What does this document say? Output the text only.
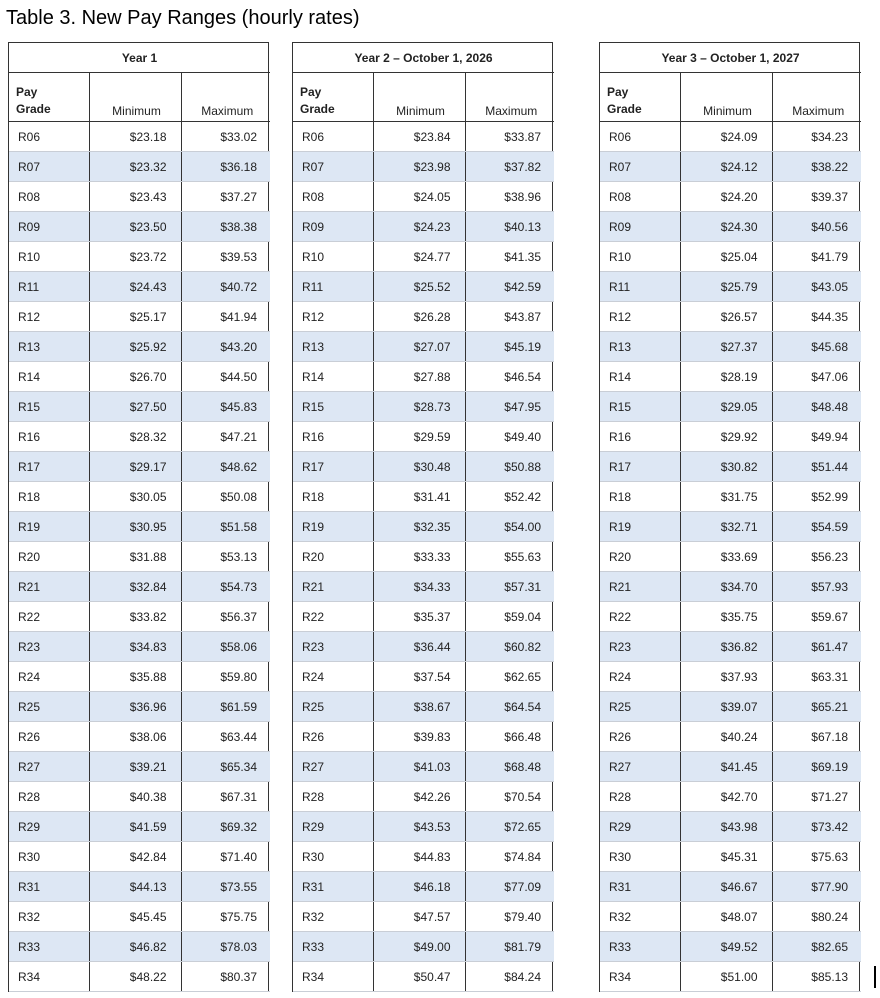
Table 3. New Pay Ranges (hourly rates)
Year 1		
Pay
Grade	Minimum	Maximum
R06	$23.18	$33.02
R07	$23.32	$36.18
R08	$23.43	$37.27
R09	$23.50	$38.38
R10	$23.72	$39.53
R11	$24.43	$40.72
R12	$25.17	$41.94
R13	$25.92	$43.20
R14	$26.70	$44.50
R15	$27.50	$45.83
R16	$28.32	$47.21
R17	$29.17	$48.62
R18	$30.05	$50.08
R19	$30.95	$51.58
R20	$31.88	$53.13
R21	$32.84	$54.73
R22	$33.82	$56.37
R23	$34.83	$58.06
R24	$35.88	$59.80
R25	$36.96	$61.59
R26	$38.06	$63.44
R27	$39.21	$65.34
R28	$40.38	$67.31
R29	$41.59	$69.32
R30	$42.84	$71.40
R31	$44.13	$73.55
R32	$45.45	$75.75
R33	$46.82	$78.03
R34	$48.22	$80.37
Year 2 – October 1, 2026		
Pay
Grade	Minimum	Maximum
R06	$23.84	$33.87
R07	$23.98	$37.82
R08	$24.05	$38.96
R09	$24.23	$40.13
R10	$24.77	$41.35
R11	$25.52	$42.59
R12	$26.28	$43.87
R13	$27.07	$45.19
R14	$27.88	$46.54
R15	$28.73	$47.95
R16	$29.59	$49.40
R17	$30.48	$50.88
R18	$31.41	$52.42
R19	$32.35	$54.00
R20	$33.33	$55.63
R21	$34.33	$57.31
R22	$35.37	$59.04
R23	$36.44	$60.82
R24	$37.54	$62.65
R25	$38.67	$64.54
R26	$39.83	$66.48
R27	$41.03	$68.48
R28	$42.26	$70.54
R29	$43.53	$72.65
R30	$44.83	$74.84
R31	$46.18	$77.09
R32	$47.57	$79.40
R33	$49.00	$81.79
R34	$50.47	$84.24
Year 3 – October 1, 2027		
Pay
Grade	Minimum	Maximum
R06	$24.09	$34.23
R07	$24.12	$38.22
R08	$24.20	$39.37
R09	$24.30	$40.56
R10	$25.04	$41.79
R11	$25.79	$43.05
R12	$26.57	$44.35
R13	$27.37	$45.68
R14	$28.19	$47.06
R15	$29.05	$48.48
R16	$29.92	$49.94
R17	$30.82	$51.44
R18	$31.75	$52.99
R19	$32.71	$54.59
R20	$33.69	$56.23
R21	$34.70	$57.93
R22	$35.75	$59.67
R23	$36.82	$61.47
R24	$37.93	$63.31
R25	$39.07	$65.21
R26	$40.24	$67.18
R27	$41.45	$69.19
R28	$42.70	$71.27
R29	$43.98	$73.42
R30	$45.31	$75.63
R31	$46.67	$77.90
R32	$48.07	$80.24
R33	$49.52	$82.65
R34	$51.00	$85.13
